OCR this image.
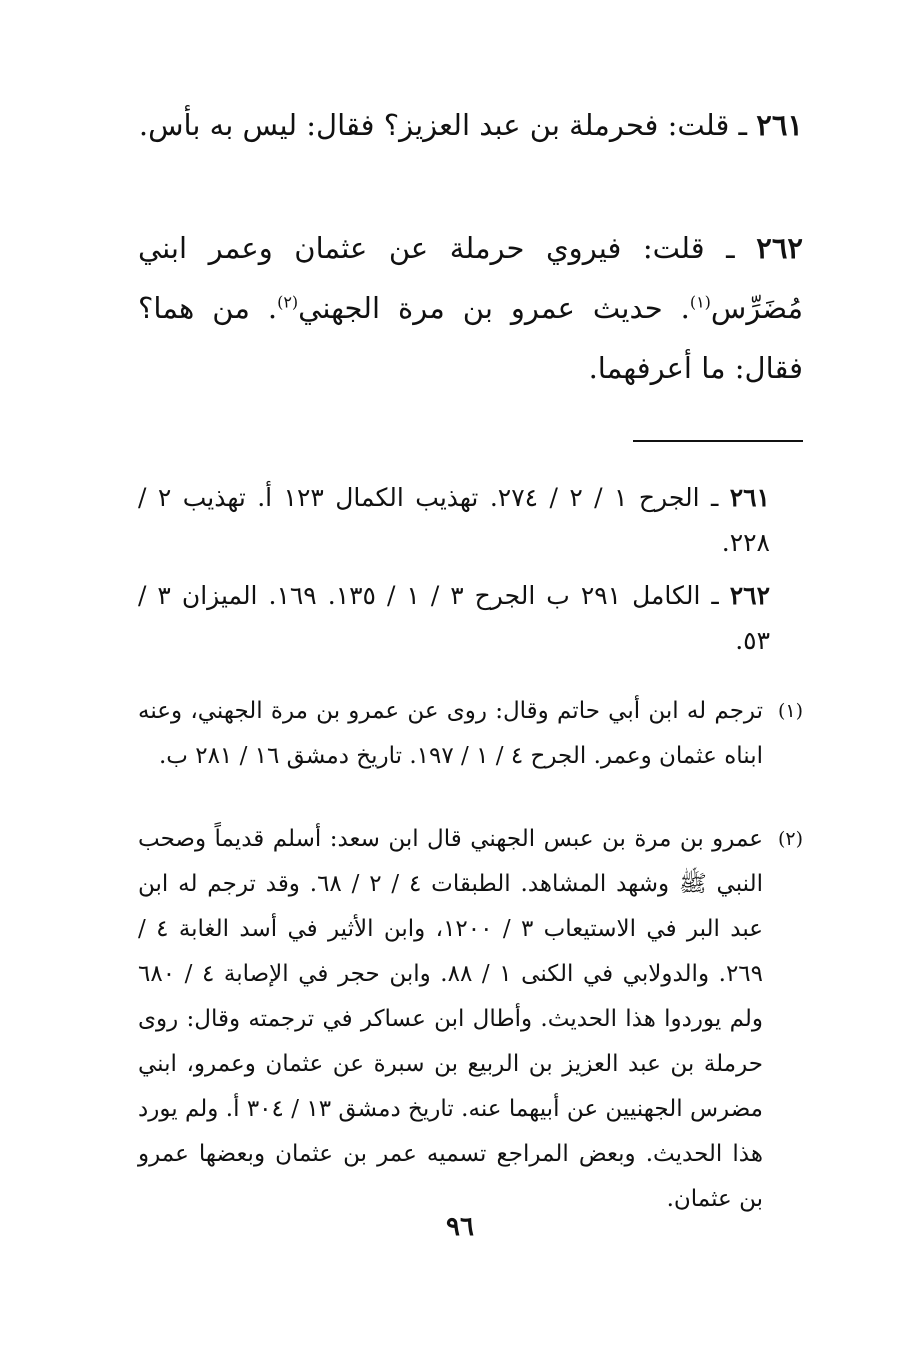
٢٦١ ـ قلت: فحرملة بن عبد العزيز؟ فقال: ليس به بأس.

٢٦٢ ـ قلت: فيروي حرملة عن عثمان وعمر ابني مُضَرِّس$^{(١)}$. حديث عمرو بن مرة الجهني$^{(٢)}$. من هما؟ فقال: ما أعرفهما.

٢٦١ ـ الجرح ١ / ٢ / ٢٧٤. تهذيب الكمال ١٢٣ أ. تهذيب ٢ / ٢٢٨.

٢٦٢ ـ الكامل ٢٩١ ب الجرح ٣ / ١ / ١٣٥. ١٦٩. الميزان ٣ / ٥٣.

(١)
ترجم له ابن أبي حاتم وقال: روى عن عمرو بن مرة الجهني، وعنه ابناه عثمان وعمر. الجرح ٤ / ١ / ١٩٧. تاريخ دمشق ١٦ / ٢٨١ ب.

(٢)
عمرو بن مرة بن عبس الجهني قال ابن سعد: أسلم قديماً وصحب النبي ﷺ وشهد المشاهد. الطبقات ٤ / ٢ / ٦٨. وقد ترجم له ابن عبد البر في الاستيعاب ٣ / ١٢٠٠، وابن الأثير في أسد الغابة ٤ / ٢٦٩. والدولابي في الكنى ١ / ٨٨. وابن حجر في الإصابة ٤ / ٦٨٠ ولم يوردوا هذا الحديث. وأطال ابن عساكر في ترجمته وقال: روى حرملة بن عبد العزيز بن الربيع بن سبرة عن عثمان وعمرو، ابني مضرس الجهنيين عن أبيهما عنه. تاريخ دمشق ١٣ / ٣٠٤ أ. ولم يورد هذا الحديث. وبعض المراجع تسميه عمر بن عثمان وبعضها عمرو بن عثمان.

٩٦
